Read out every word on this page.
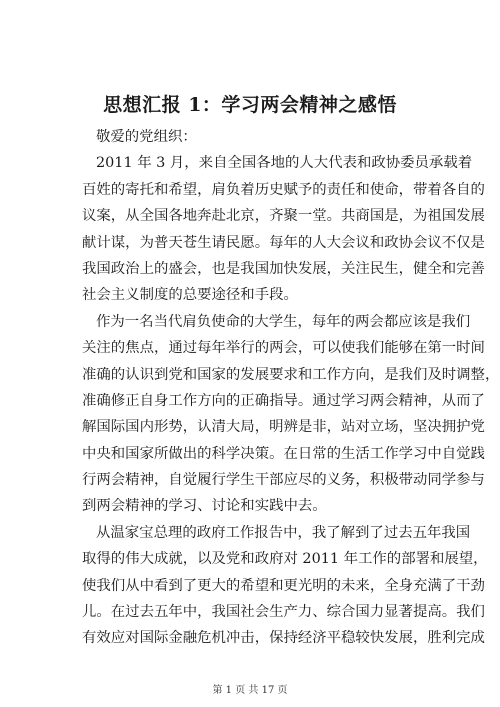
思想汇报 1：学习两会精神之感悟
敬爱的党组织：
2011 年 3 月，来自全国各地的人大代表和政协委员承载着
百姓的寄托和希望，肩负着历史赋予的责任和使命，带着各自的
议案，从全国各地奔赴北京，齐聚一堂。共商国是，为祖国发展
献计谋，为普天苍生请民愿。每年的人大会议和政协会议不仅是
我国政治上的盛会，也是我国加快发展，关注民生，健全和完善
社会主义制度的总要途径和手段。
作为一名当代肩负使命的大学生，每年的两会都应该是我们
关注的焦点，通过每年举行的两会，可以使我们能够在第一时间
准确的认识到党和国家的发展要求和工作方向，是我们及时调整，
准确修正自身工作方向的正确指导。通过学习两会精神，从而了
解国际国内形势，认清大局，明辨是非，站对立场，坚决拥护党
中央和国家所做出的科学决策。在日常的生活工作学习中自觉践
行两会精神，自觉履行学生干部应尽的义务，积极带动同学参与
到两会精神的学习、讨论和实践中去。
从温家宝总理的政府工作报告中，我了解到了过去五年我国
取得的伟大成就，以及党和政府对 2011 年工作的部署和展望，
使我们从中看到了更大的希望和更光明的未来，全身充满了干劲
儿。在过去五年中，我国社会生产力、综合国力显著提高。我们
有效应对国际金融危机冲击，保持经济平稳较快发展，胜利完成
第 1 页 共 17 页
